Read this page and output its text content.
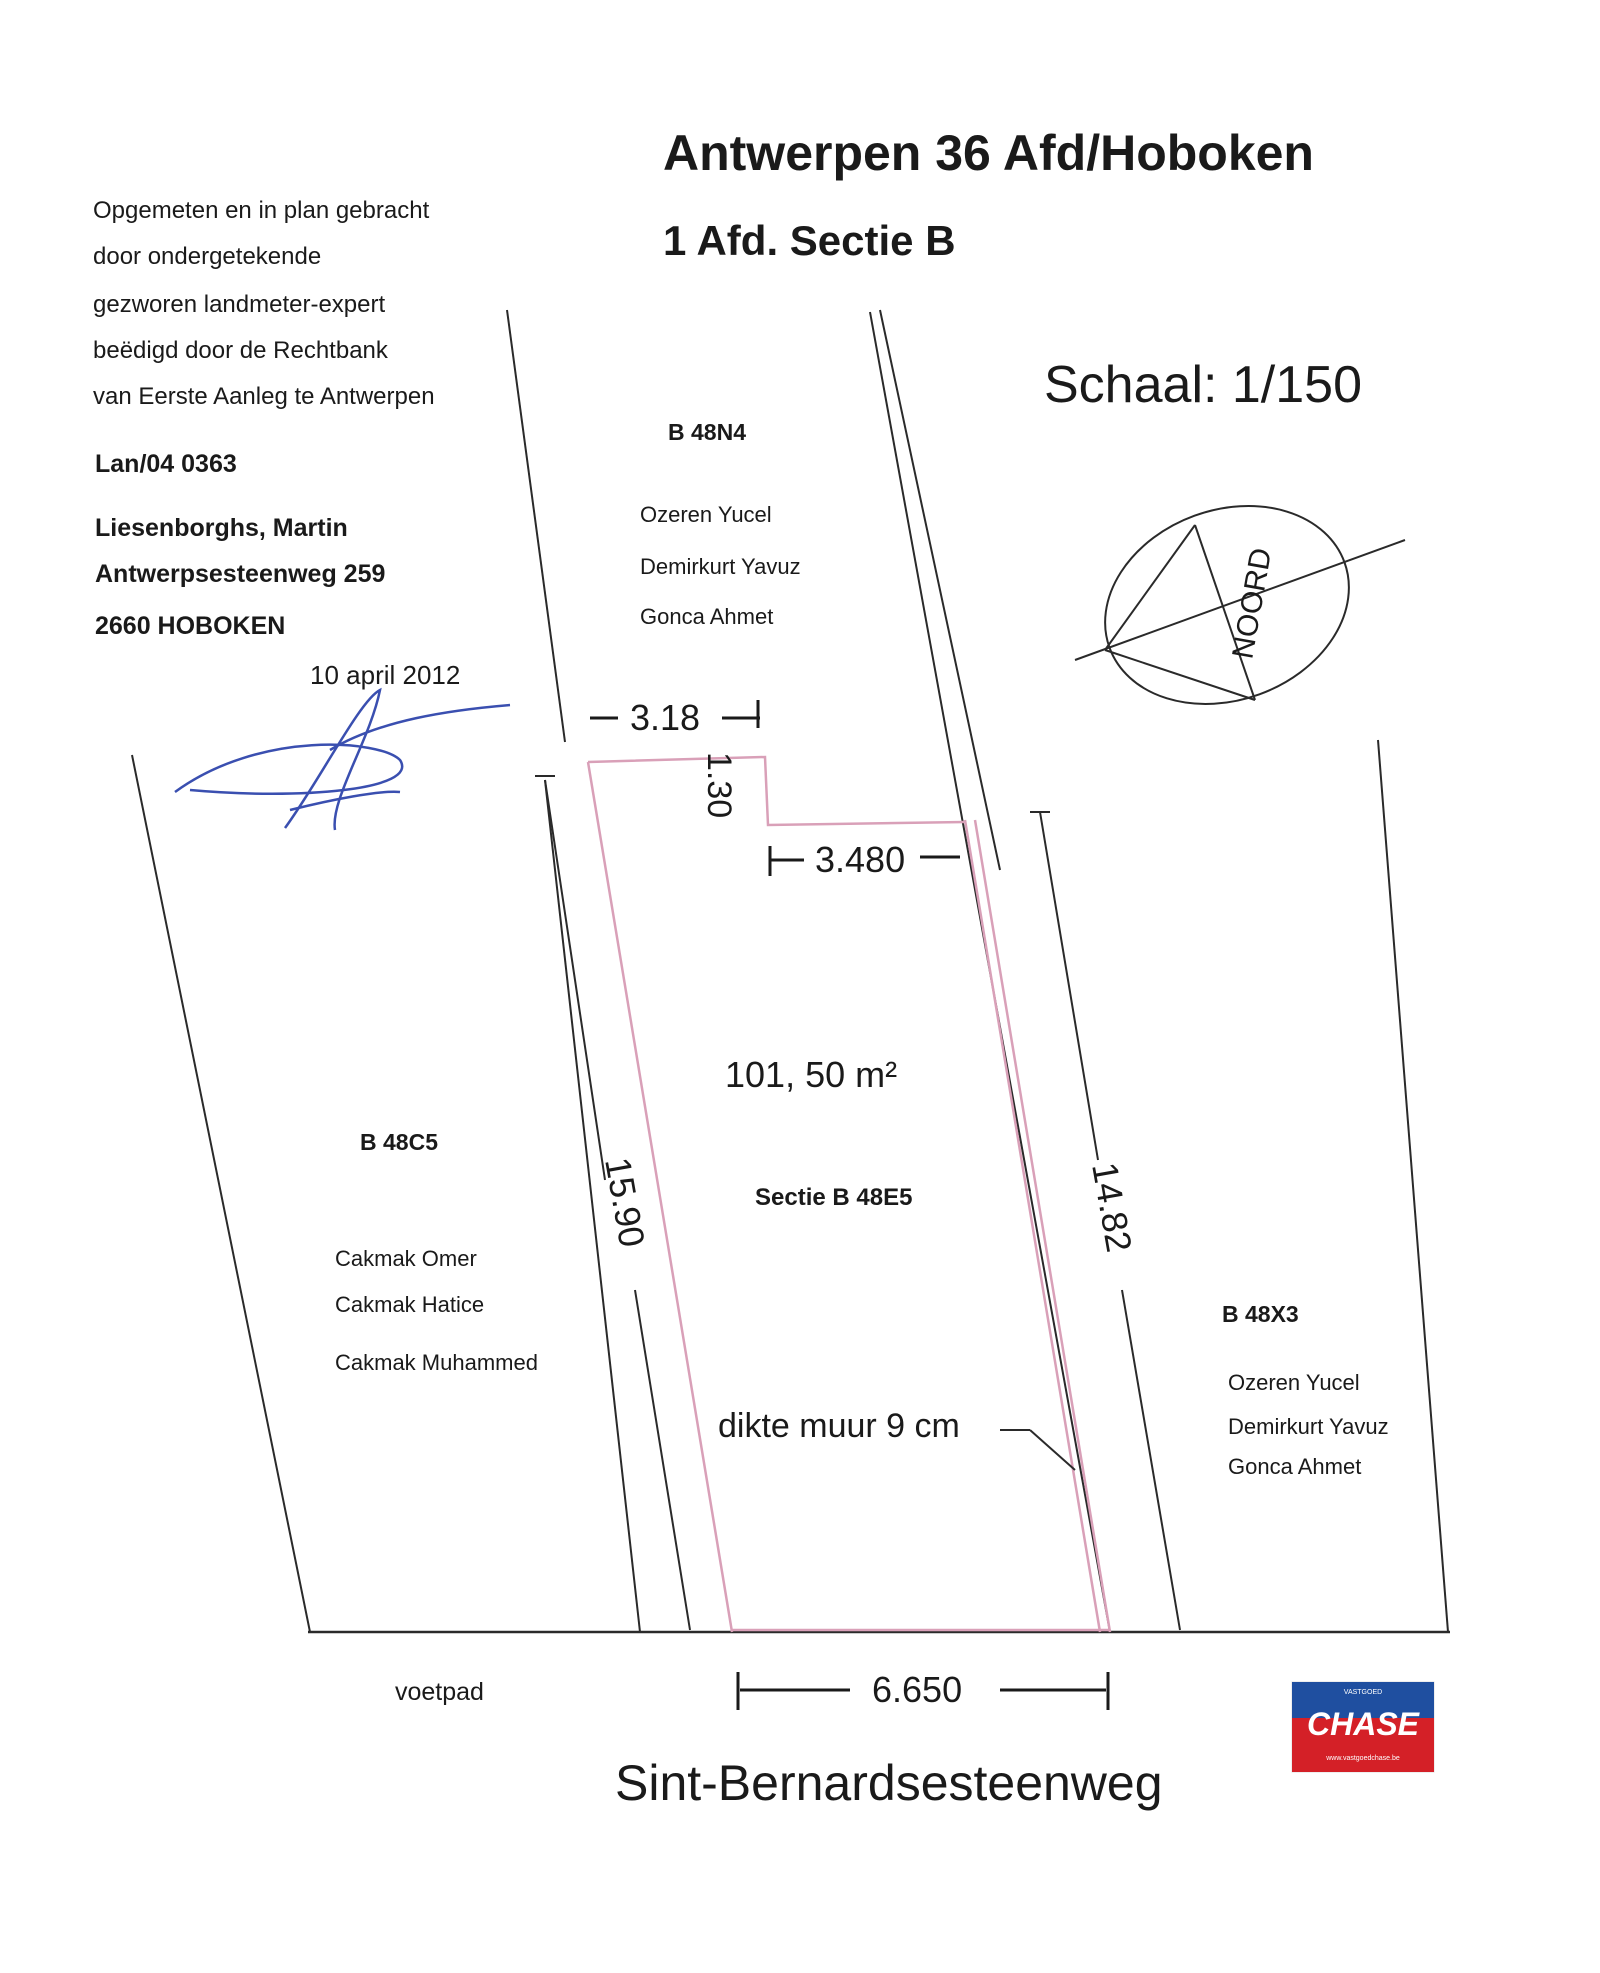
NOORD
Antwerpen 36 Afd/Hoboken
1 Afd. Sectie B
Schaal: 1/150
Opgemeten en in plan gebracht
door ondergetekende
gezworen landmeter-expert
beëdigd door de Rechtbank
van Eerste Aanleg te Antwerpen
Lan/04 0363
Liesenborghs, Martin
Antwerpsesteenweg 259
2660 HOBOKEN
10 april 2012
B 48N4
Ozeren Yucel
Demirkurt Yavuz
Gonca Ahmet
B 48C5
Cakmak Omer
Cakmak Hatice
Cakmak Muhammed
B 48X3
Ozeren Yucel
Demirkurt Yavuz
Gonca Ahmet
101, 50 m²
Sectie B 48E5
3.18
1.30
3.480
15.90	14.82
6.650
dikte muur 9 cm
voetpad
Sint-Bernardsesteenweg
VASTGOED
CHASE
www.vastgoedchase.be
